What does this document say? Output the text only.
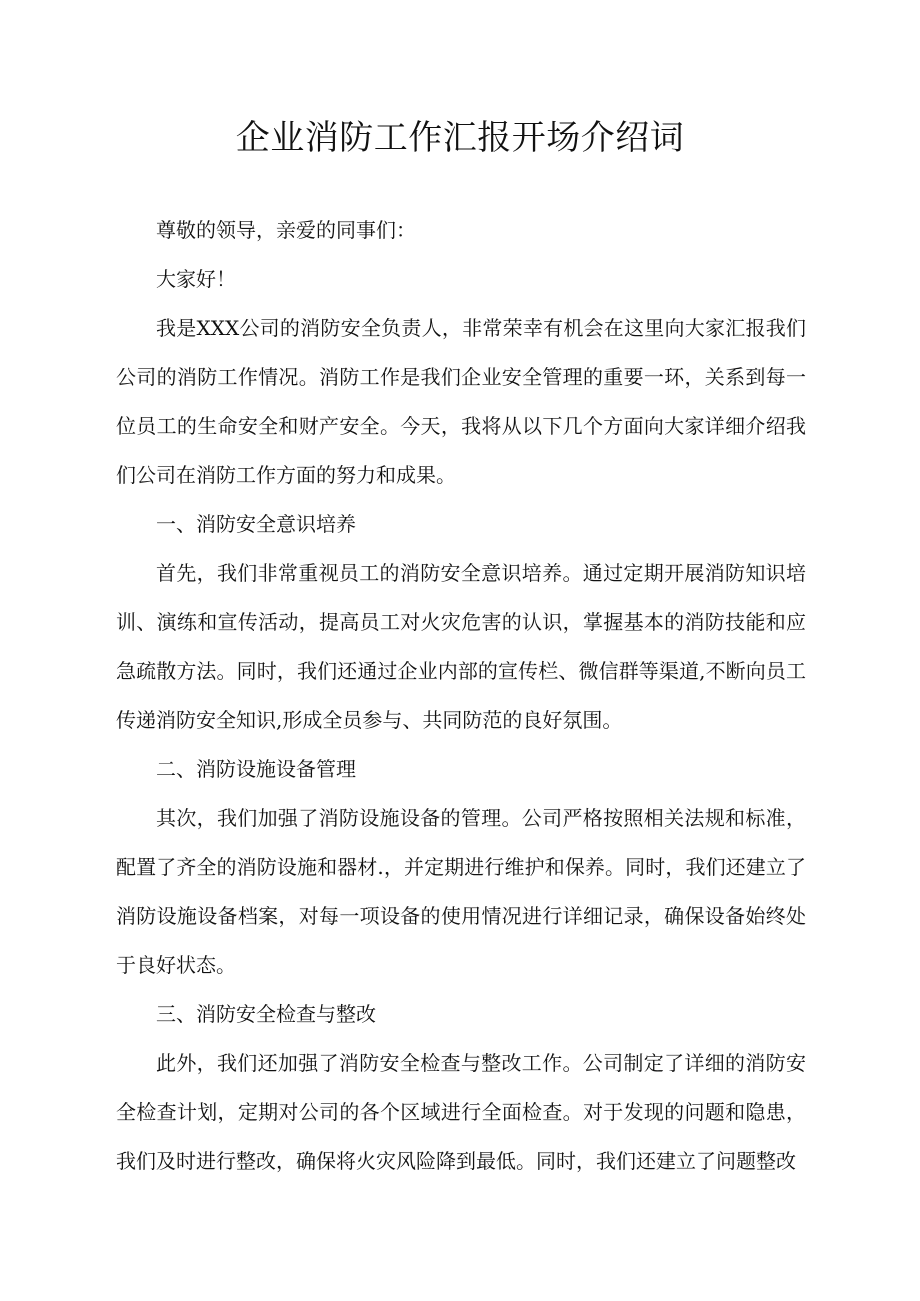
企业消防工作汇报开场介绍词

尊敬的领导，亲爱的同事们：

大家好！

我是XXX公司的消防安全负责人，非常荣幸有机会在这里向大家汇报我们公司的消防工作情况。消防工作是我们企业安全管理的重要一环，关系到每一位员工的生命安全和财产安全。今天，我将从以下几个方面向大家详细介绍我们公司在消防工作方面的努力和成果。

一、消防安全意识培养

首先，我们非常重视员工的消防安全意识培养。通过定期开展消防知识培训、演练和宣传活动，提高员工对火灾危害的认识，掌握基本的消防技能和应急疏散方法。同时，我们还通过企业内部的宣传栏、微信群等渠道,不断向员工传递消防安全知识,形成全员参与、共同防范的良好氛围。

二、消防设施设备管理

其次，我们加强了消防设施设备的管理。公司严格按照相关法规和标准，配置了齐全的消防设施和器材.，并定期进行维护和保养。同时，我们还建立了消防设施设备档案，对每一项设备的使用情况进行详细记录，确保设备始终处于良好状态。

三、消防安全检查与整改

此外，我们还加强了消防安全检查与整改工作。公司制定了详细的消防安全检查计划，定期对公司的各个区域进行全面检查。对于发现的问题和隐患，我们及时进行整改，确保将火灾风险降到最低。同时，我们还建立了问题整改
